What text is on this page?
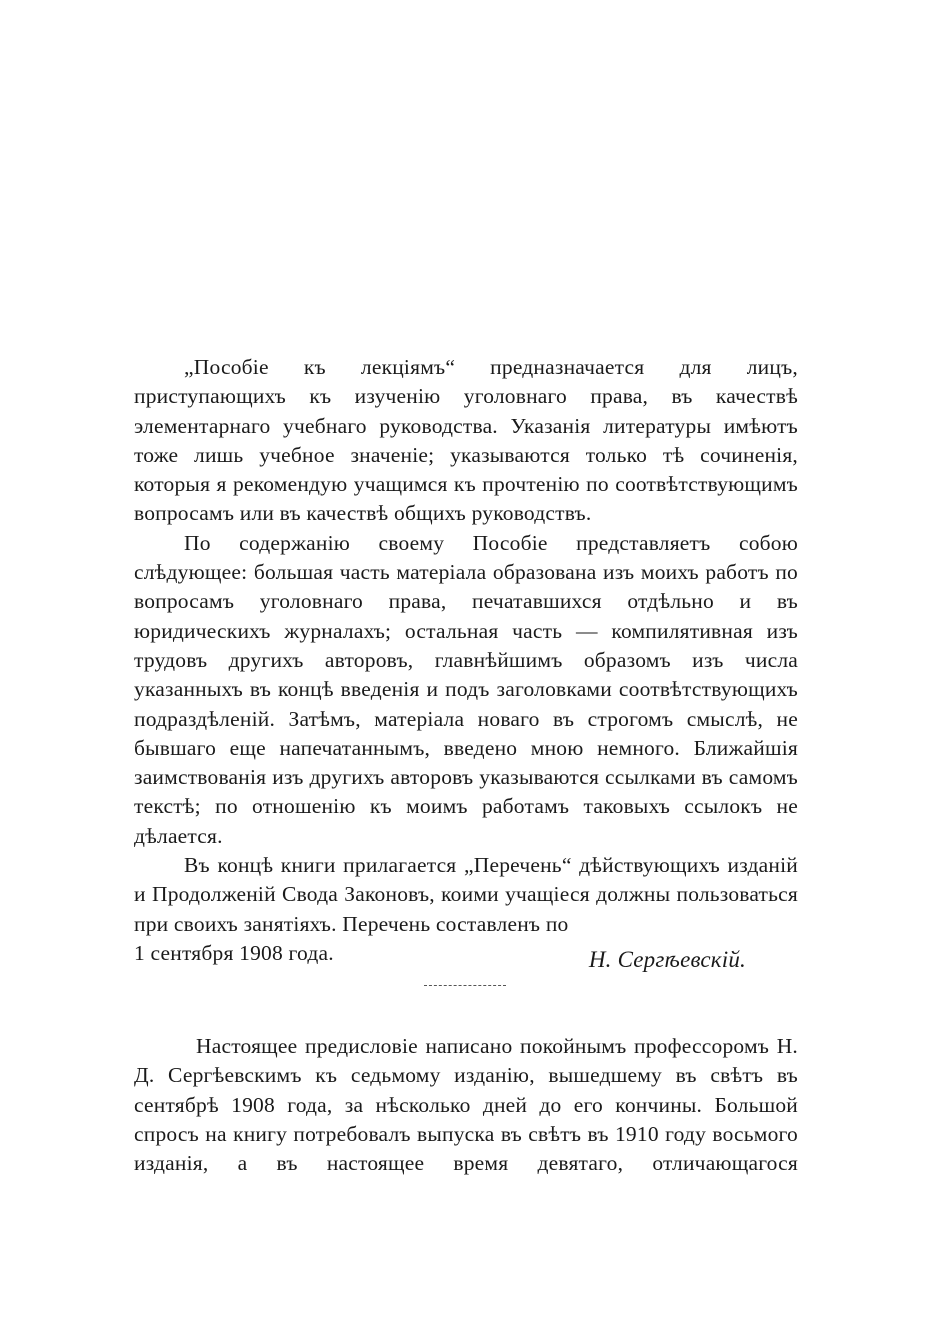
„Пособіе къ лекціямъ“ предназначается для лицъ, приступающихъ къ изученію уголовнаго права, въ качествѣ элементарнаго учебнаго руководства. Указанія литературы имѣютъ тоже лишь учебное значеніе; указываются только тѣ сочиненія, которыя я рекомендую учащимся къ прочтенію по соотвѣтствующимъ вопросамъ или въ качествѣ общихъ руководствъ.

По содержанію своему Пособіе представляетъ собою слѣдующее: большая часть матеріала образована изъ моихъ работъ по вопросамъ уголовнаго права, печатавшихся отдѣльно и въ юридическихъ журналахъ; остальная часть — компилятивная изъ трудовъ другихъ авторовъ, главнѣйшимъ образомъ изъ числа указанныхъ въ концѣ введенія и подъ заголовками соотвѣтствующихъ подраздѣленій. Затѣмъ, матеріала новаго въ строгомъ смыслѣ, не бывшаго еще напечатаннымъ, введено мною немного. Ближайшія заимствованія изъ другихъ авторовъ указываются ссылками въ самомъ текстѣ; по отношенію къ моимъ работамъ таковыхъ ссылокъ не дѣлается.

Въ концѣ книги прилагается „Перечень“ дѣйствующихъ изданій и Продолженій Свода Законовъ, коими учащіеся должны пользоваться при своихъ занятіяхъ. Перечень составленъ по

1 сентября 1908 года.	Н. Сергѣевскій.

Настоящее предисловіе написано покойнымъ профессоромъ Н. Д. Сергѣевскимъ къ седьмому изданію, вышедшему въ свѣтъ въ сентябрѣ 1908 года, за нѣсколько дней до его кончины. Большой спросъ на книгу потребовалъ выпуска въ свѣтъ въ 1910 году восьмого изданія, а въ настоящее время девятаго, отличающагося
